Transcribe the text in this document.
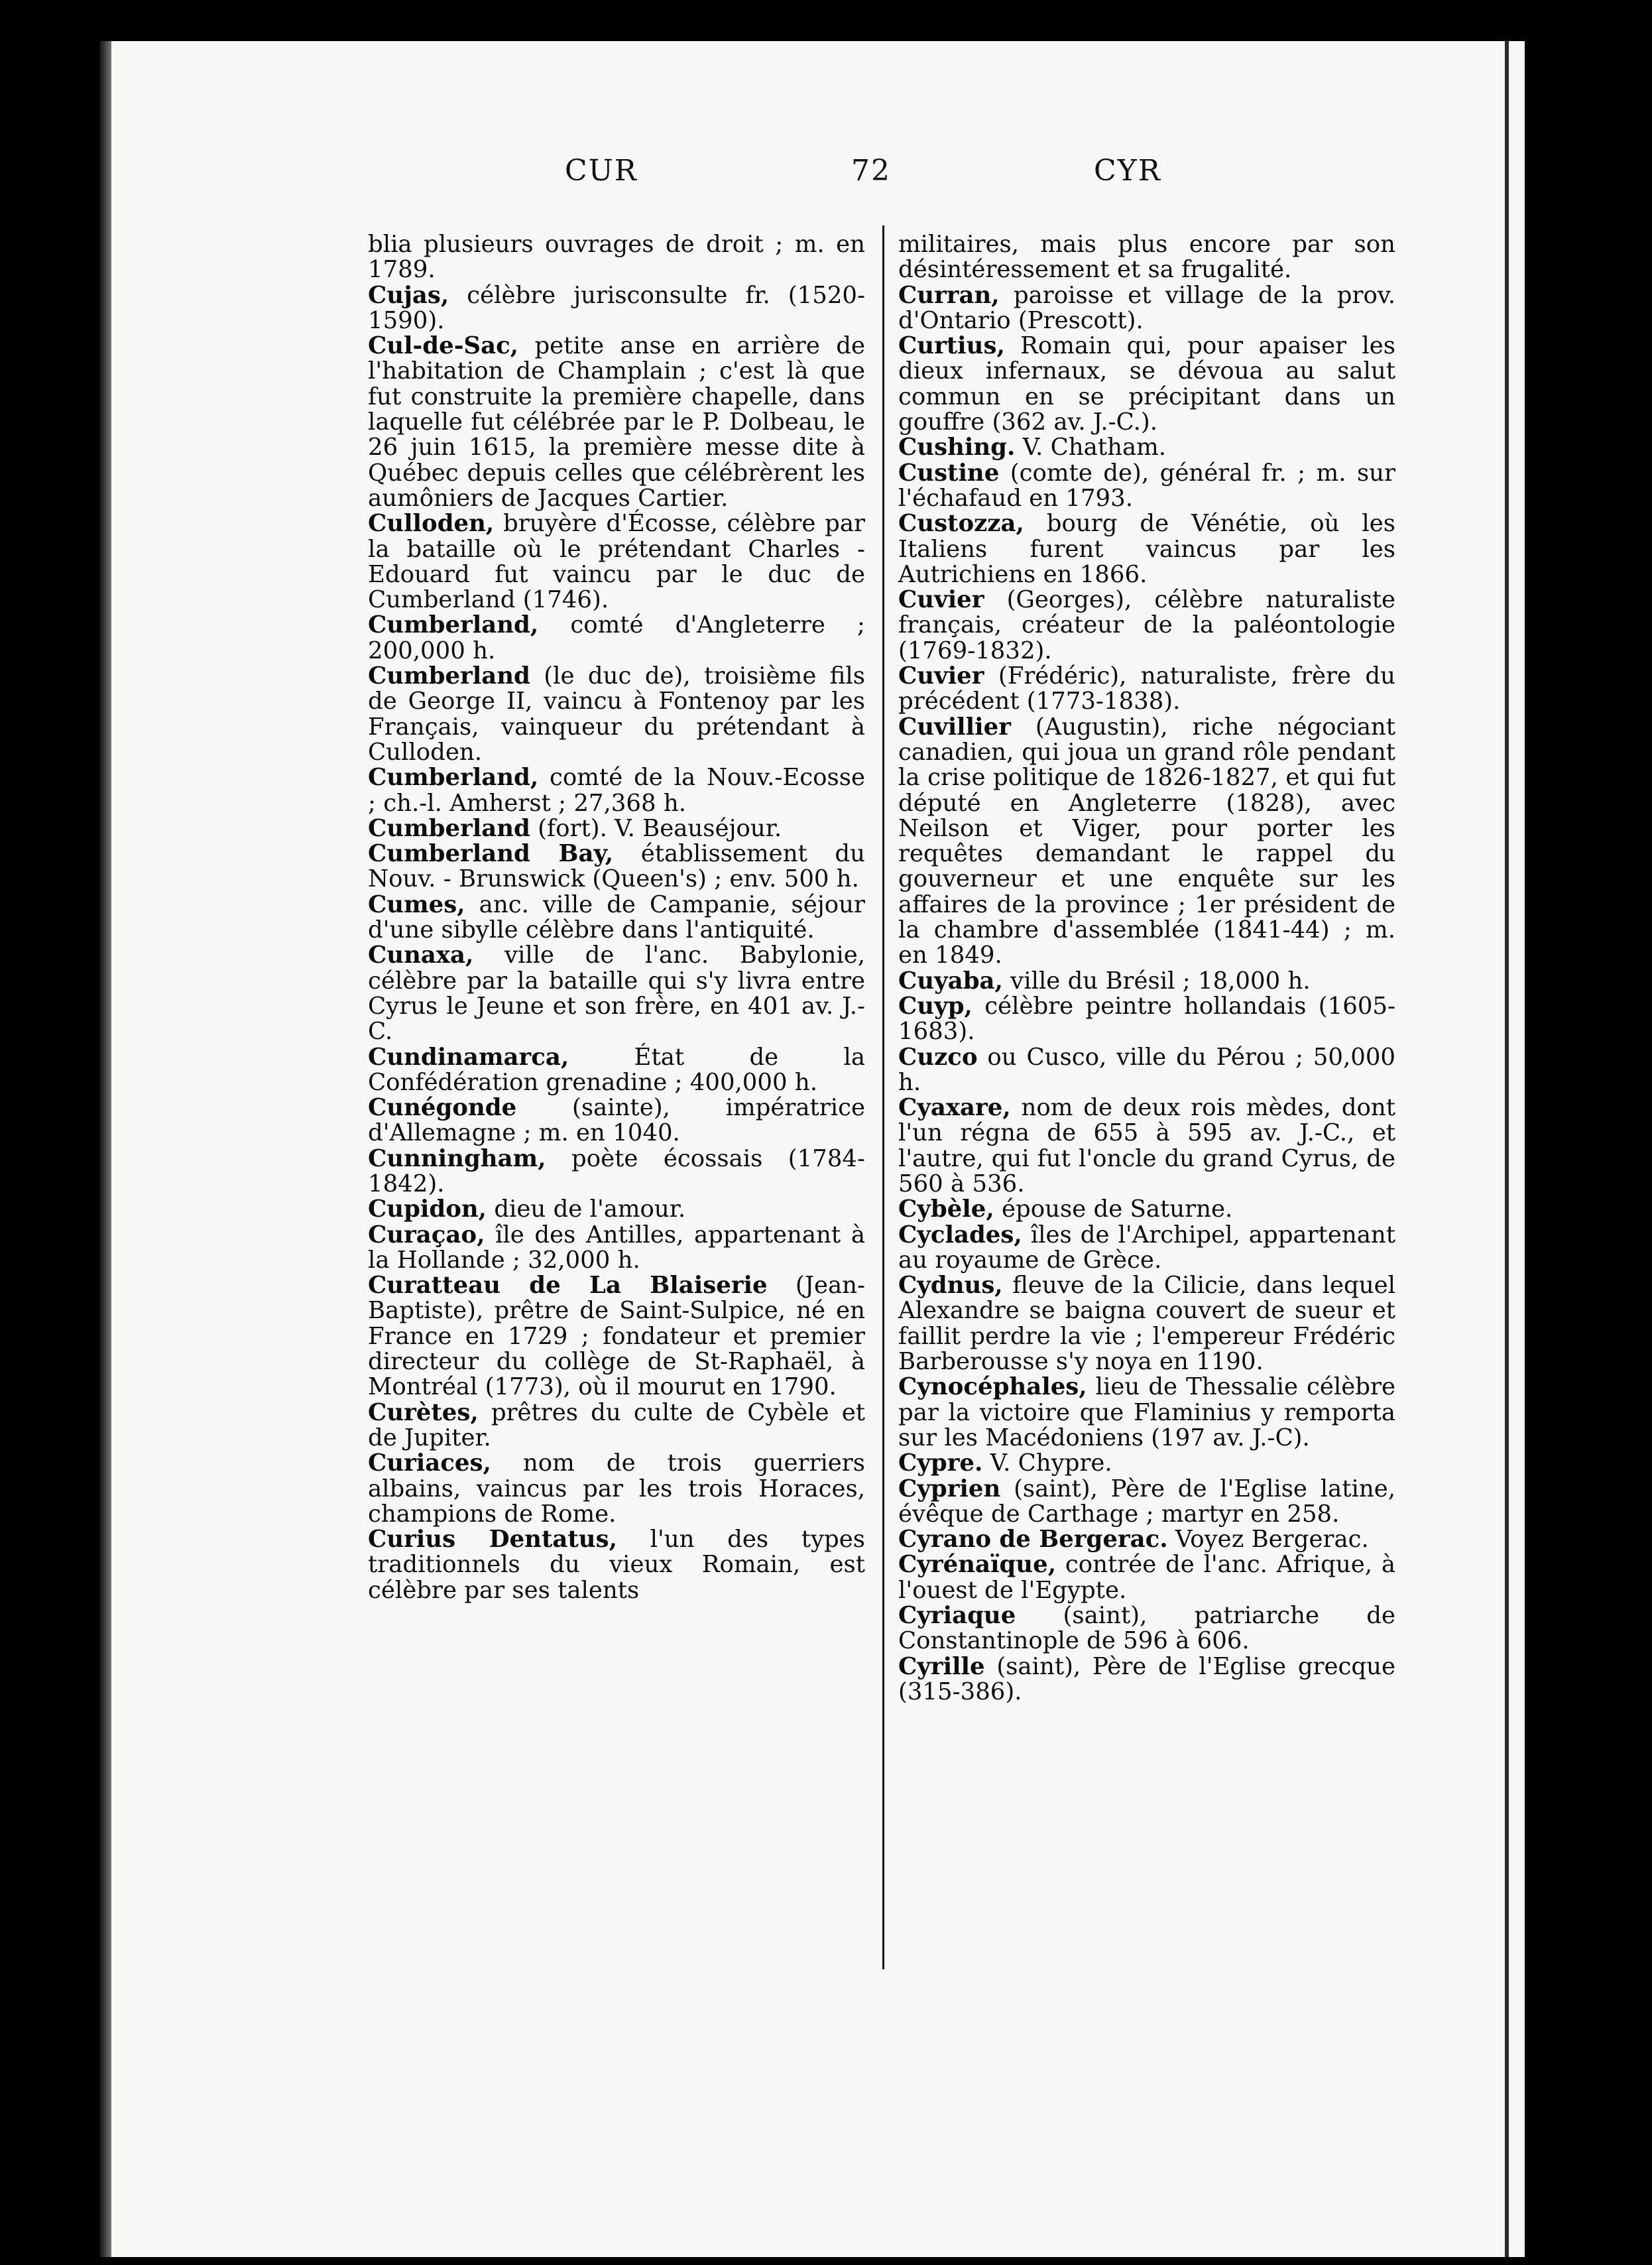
CUR	72	CYR

blia plusieurs ouvrages de droit ; m. en 1789.

Cujas, célèbre jurisconsulte fr. (1520-1590).

Cul-de-Sac, petite anse en arrière de l'habitation de Champlain ; c'est là que fut construite la première chapelle, dans laquelle fut célébrée par le P. Dolbeau, le 26 juin 1615, la première messe dite à Québec depuis celles que célébrèrent les aumôniers de Jacques Cartier.

Culloden, bruyère d'Écosse, célèbre par la bataille où le prétendant Charles - Edouard fut vaincu par le duc de Cumberland (1746).

Cumberland, comté d'Angleterre ; 200,000 h.

Cumberland (le duc de), troisième fils de George II, vaincu à Fontenoy par les Français, vainqueur du prétendant à Culloden.

Cumberland, comté de la Nouv.-Ecosse ; ch.-l. Amherst ; 27,368 h.

Cumberland (fort). V. Beauséjour.

Cumberland Bay, établissement du Nouv. - Brunswick (Queen's) ; env. 500 h.

Cumes, anc. ville de Campanie, séjour d'une sibylle célèbre dans l'antiquité.

Cunaxa, ville de l'anc. Babylonie, célèbre par la bataille qui s'y livra entre Cyrus le Jeune et son frère, en 401 av. J.-C.

Cundinamarca, État de la Confédération grenadine ; 400,000 h.

Cunégonde (sainte), impératrice d'Allemagne ; m. en 1040.

Cunningham, poète écossais (1784-1842).

Cupidon, dieu de l'amour.

Curaçao, île des Antilles, appartenant à la Hollande ; 32,000 h.

Curatteau de La Blaiserie (Jean-Baptiste), prêtre de Saint-Sulpice, né en France en 1729 ; fondateur et premier directeur du collège de St-Raphaël, à Montréal (1773), où il mourut en 1790.

Curètes, prêtres du culte de Cybèle et de Jupiter.

Curiaces, nom de trois guerriers albains, vaincus par les trois Horaces, champions de Rome.

Curius Dentatus, l'un des types traditionnels du vieux Romain, est célèbre par ses talents

militaires, mais plus encore par son désintéressement et sa frugalité.

Curran, paroisse et village de la prov. d'Ontario (Prescott).

Curtius, Romain qui, pour apaiser les dieux infernaux, se dévoua au salut commun en se précipitant dans un gouffre (362 av. J.-C.).

Cushing. V. Chatham.

Custine (comte de), général fr. ; m. sur l'échafaud en 1793.

Custozza, bourg de Vénétie, où les Italiens furent vaincus par les Autrichiens en 1866.

Cuvier (Georges), célèbre naturaliste français, créateur de la paléontologie (1769-1832).

Cuvier (Frédéric), naturaliste, frère du précédent (1773-1838).

Cuvillier (Augustin), riche négociant canadien, qui joua un grand rôle pendant la crise politique de 1826-1827, et qui fut député en Angleterre (1828), avec Neilson et Viger, pour porter les requêtes demandant le rappel du gouverneur et une enquête sur les affaires de la province ; 1er président de la chambre d'assemblée (1841-44) ; m. en 1849.

Cuyaba, ville du Brésil ; 18,000 h.

Cuyp, célèbre peintre hollandais (1605-1683).

Cuzco ou Cusco, ville du Pérou ; 50,000 h.

Cyaxare, nom de deux rois mèdes, dont l'un régna de 655 à 595 av. J.-C., et l'autre, qui fut l'oncle du grand Cyrus, de 560 à 536.

Cybèle, épouse de Saturne.

Cyclades, îles de l'Archipel, appartenant au royaume de Grèce.

Cydnus, fleuve de la Cilicie, dans lequel Alexandre se baigna couvert de sueur et faillit perdre la vie ; l'empereur Frédéric Barberousse s'y noya en 1190.

Cynocéphales, lieu de Thessalie célèbre par la victoire que Flaminius y remporta sur les Macédoniens (197 av. J.-C).

Cypre. V. Chypre.

Cyprien (saint), Père de l'Eglise latine, évêque de Carthage ; martyr en 258.

Cyrano de Bergerac. Voyez Bergerac.

Cyrénaïque, contrée de l'anc. Afrique, à l'ouest de l'Egypte.

Cyriaque (saint), patriarche de Constantinople de 596 à 606.

Cyrille (saint), Père de l'Eglise grecque (315-386).
